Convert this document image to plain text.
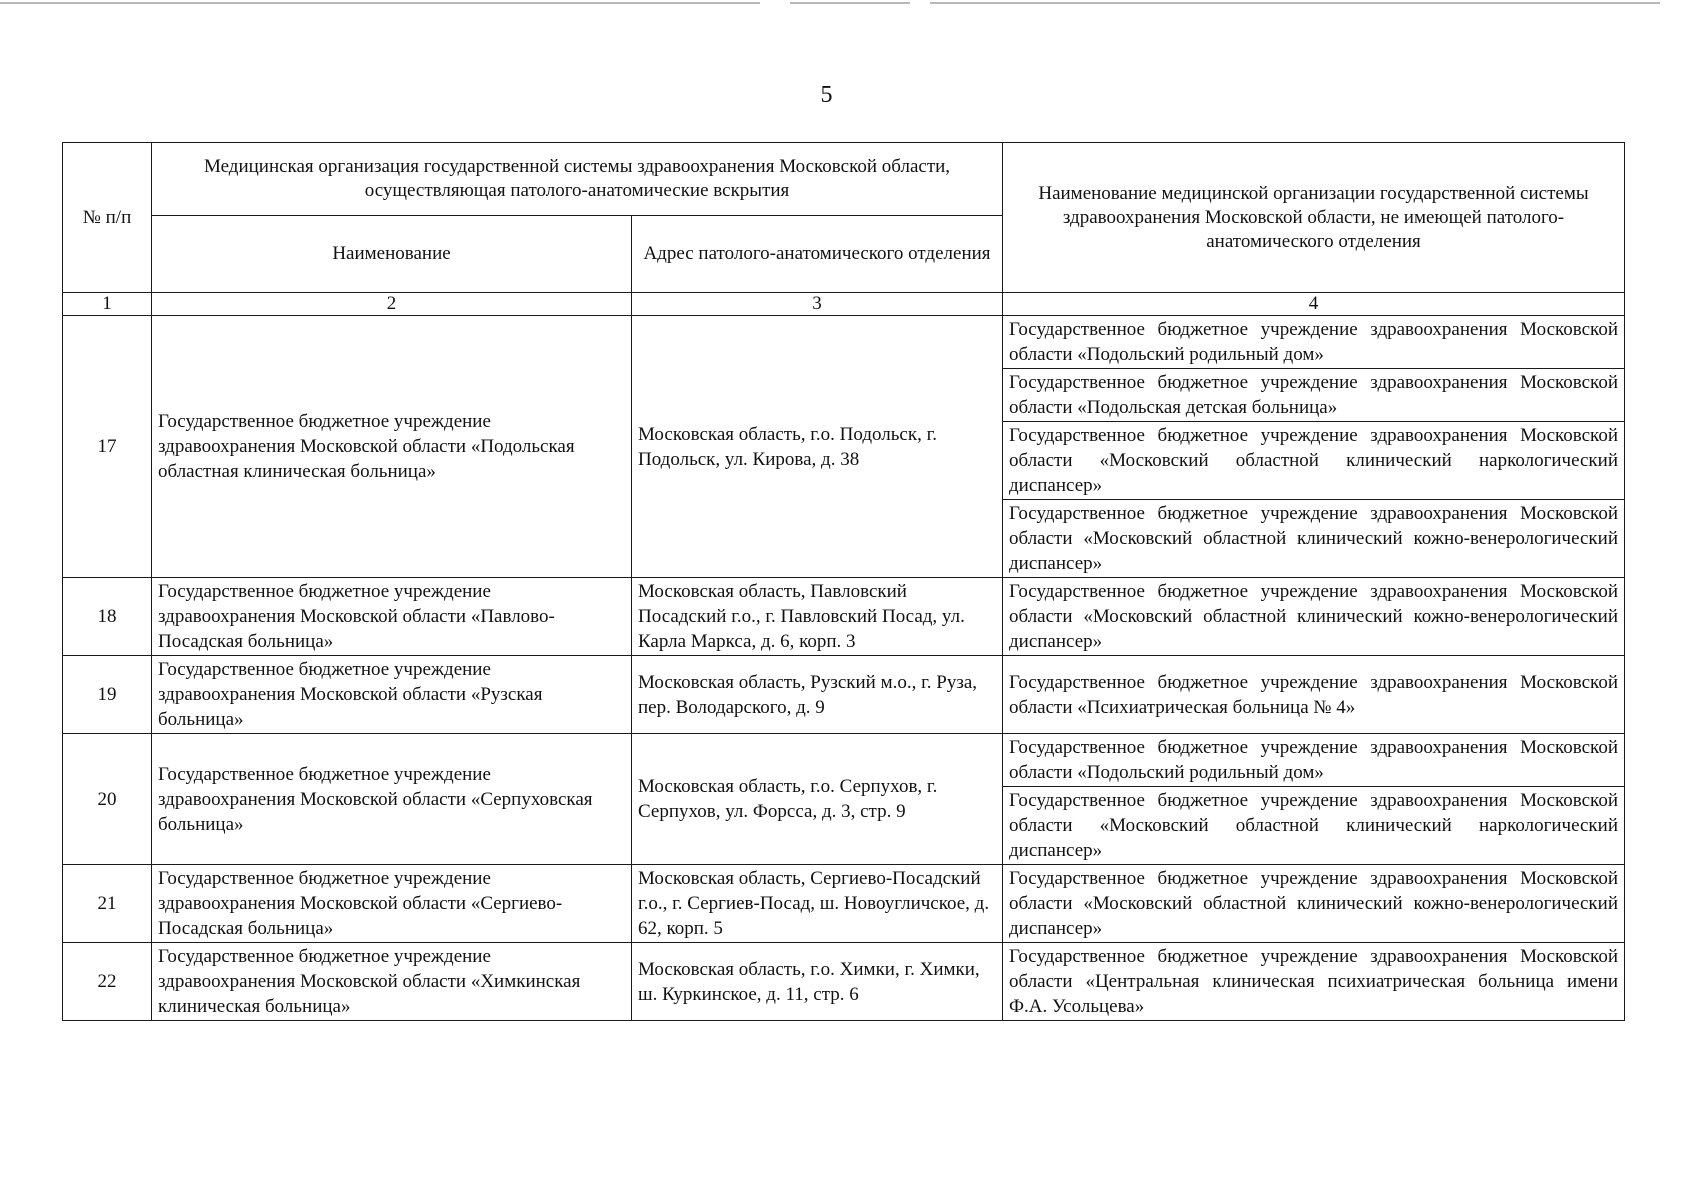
5
№ п/п	Медицинская организация государственной системы здравоохранения Московской области, осуществляющая патолого-анатомические вскрытия		Наименование медицинской организации государственной системы здравоохранения Московской области, не имеющей патолого-анатомического отделения
	Наименование	Адрес патолого-анатомического отделения	
1	2	3	4
17	Государственное бюджетное учреждение здравоохранения Московской области «Подольская областная клиническая больница»	Московская область, г.о. Подольск, г. Подольск, ул. Кирова, д. 38	Государственное бюджетное учреждение здравоохранения Московской области «Подольский родильный дом»
			Государственное бюджетное учреждение здравоохранения Московской области «Подольская детская больница»
			Государственное бюджетное учреждение здравоохранения Московской области «Московский областной клинический наркологический диспансер»
			Государственное бюджетное учреждение здравоохранения Московской области «Московский областной клинический кожно-венерологический диспансер»
18	Государственное бюджетное учреждение здравоохранения Московской области «Павлово-Посадская больница»	Московская область, Павловский Посадский г.о., г. Павловский Посад, ул. Карла Маркса, д. 6, корп. 3	Государственное бюджетное учреждение здравоохранения Московской области «Московский областной клинический кожно-венерологический диспансер»
19	Государственное бюджетное учреждение здравоохранения Московской области «Рузская больница»	Московская область, Рузский м.о., г. Руза, пер. Володарского, д. 9	Государственное бюджетное учреждение здравоохранения Московской области «Психиатрическая больница № 4»
20	Государственное бюджетное учреждение здравоохранения Московской области «Серпуховская больница»	Московская область, г.о. Серпухов, г. Серпухов, ул. Форсса, д. 3, стр. 9	Государственное бюджетное учреждение здравоохранения Московской области «Подольский родильный дом»
			Государственное бюджетное учреждение здравоохранения Московской области «Московский областной клинический наркологический диспансер»
21	Государственное бюджетное учреждение здравоохранения Московской области «Сергиево-Посадская больница»	Московская область, Сергиево-Посадский г.о., г. Сергиев-Посад, ш. Новоугличское, д. 62, корп. 5	Государственное бюджетное учреждение здравоохранения Московской области «Московский областной клинический кожно-венерологический диспансер»
22	Государственное бюджетное учреждение здравоохранения Московской области «Химкинская клиническая больница»	Московская область, г.о. Химки, г. Химки, ш. Куркинское, д. 11, стр. 6	Государственное бюджетное учреждение здравоохранения Московской области «Центральная клиническая психиатрическая больница имени Ф.А. Усольцева»
